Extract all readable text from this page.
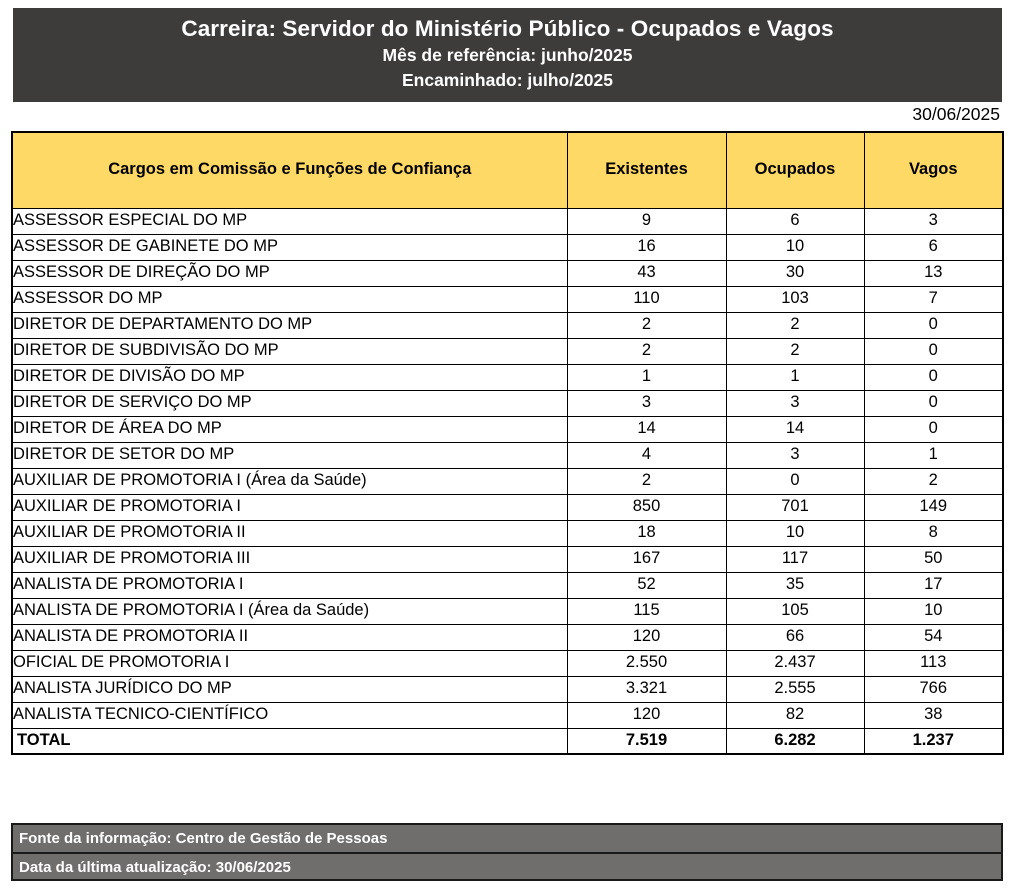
Carreira: Servidor do Ministério Público - Ocupados e Vagos
Mês de referência: junho/2025
Encaminhado: julho/2025
30/06/2025
Cargos em Comissão e Funções de Confiança	Existentes	Ocupados	Vagos
ASSESSOR ESPECIAL DO MP	9	6	3
ASSESSOR DE GABINETE DO MP	16	10	6
ASSESSOR DE DIREÇÃO DO MP	43	30	13
ASSESSOR DO MP	110	103	7
DIRETOR DE DEPARTAMENTO DO MP	2	2	0
DIRETOR DE SUBDIVISÃO DO MP	2	2	0
DIRETOR DE DIVISÃO DO MP	1	1	0
DIRETOR DE SERVIÇO DO MP	3	3	0
DIRETOR DE ÁREA DO MP	14	14	0
DIRETOR DE SETOR DO MP	4	3	1
AUXILIAR DE PROMOTORIA I (Área da Saúde)	2	0	2
AUXILIAR DE PROMOTORIA I	850	701	149
AUXILIAR DE PROMOTORIA II	18	10	8
AUXILIAR DE PROMOTORIA III	167	117	50
ANALISTA DE PROMOTORIA I	52	35	17
ANALISTA DE PROMOTORIA I (Área da Saúde)	115	105	10
ANALISTA DE PROMOTORIA II	120	66	54
OFICIAL DE PROMOTORIA I	2.550	2.437	113
ANALISTA JURÍDICO DO MP	3.321	2.555	766
ANALISTA TECNICO-CIENTÍFICO	120	82	38
TOTAL	7.519	6.282	1.237
Fonte da informação: Centro de Gestão de Pessoas
Data da última atualização: 30/06/2025
